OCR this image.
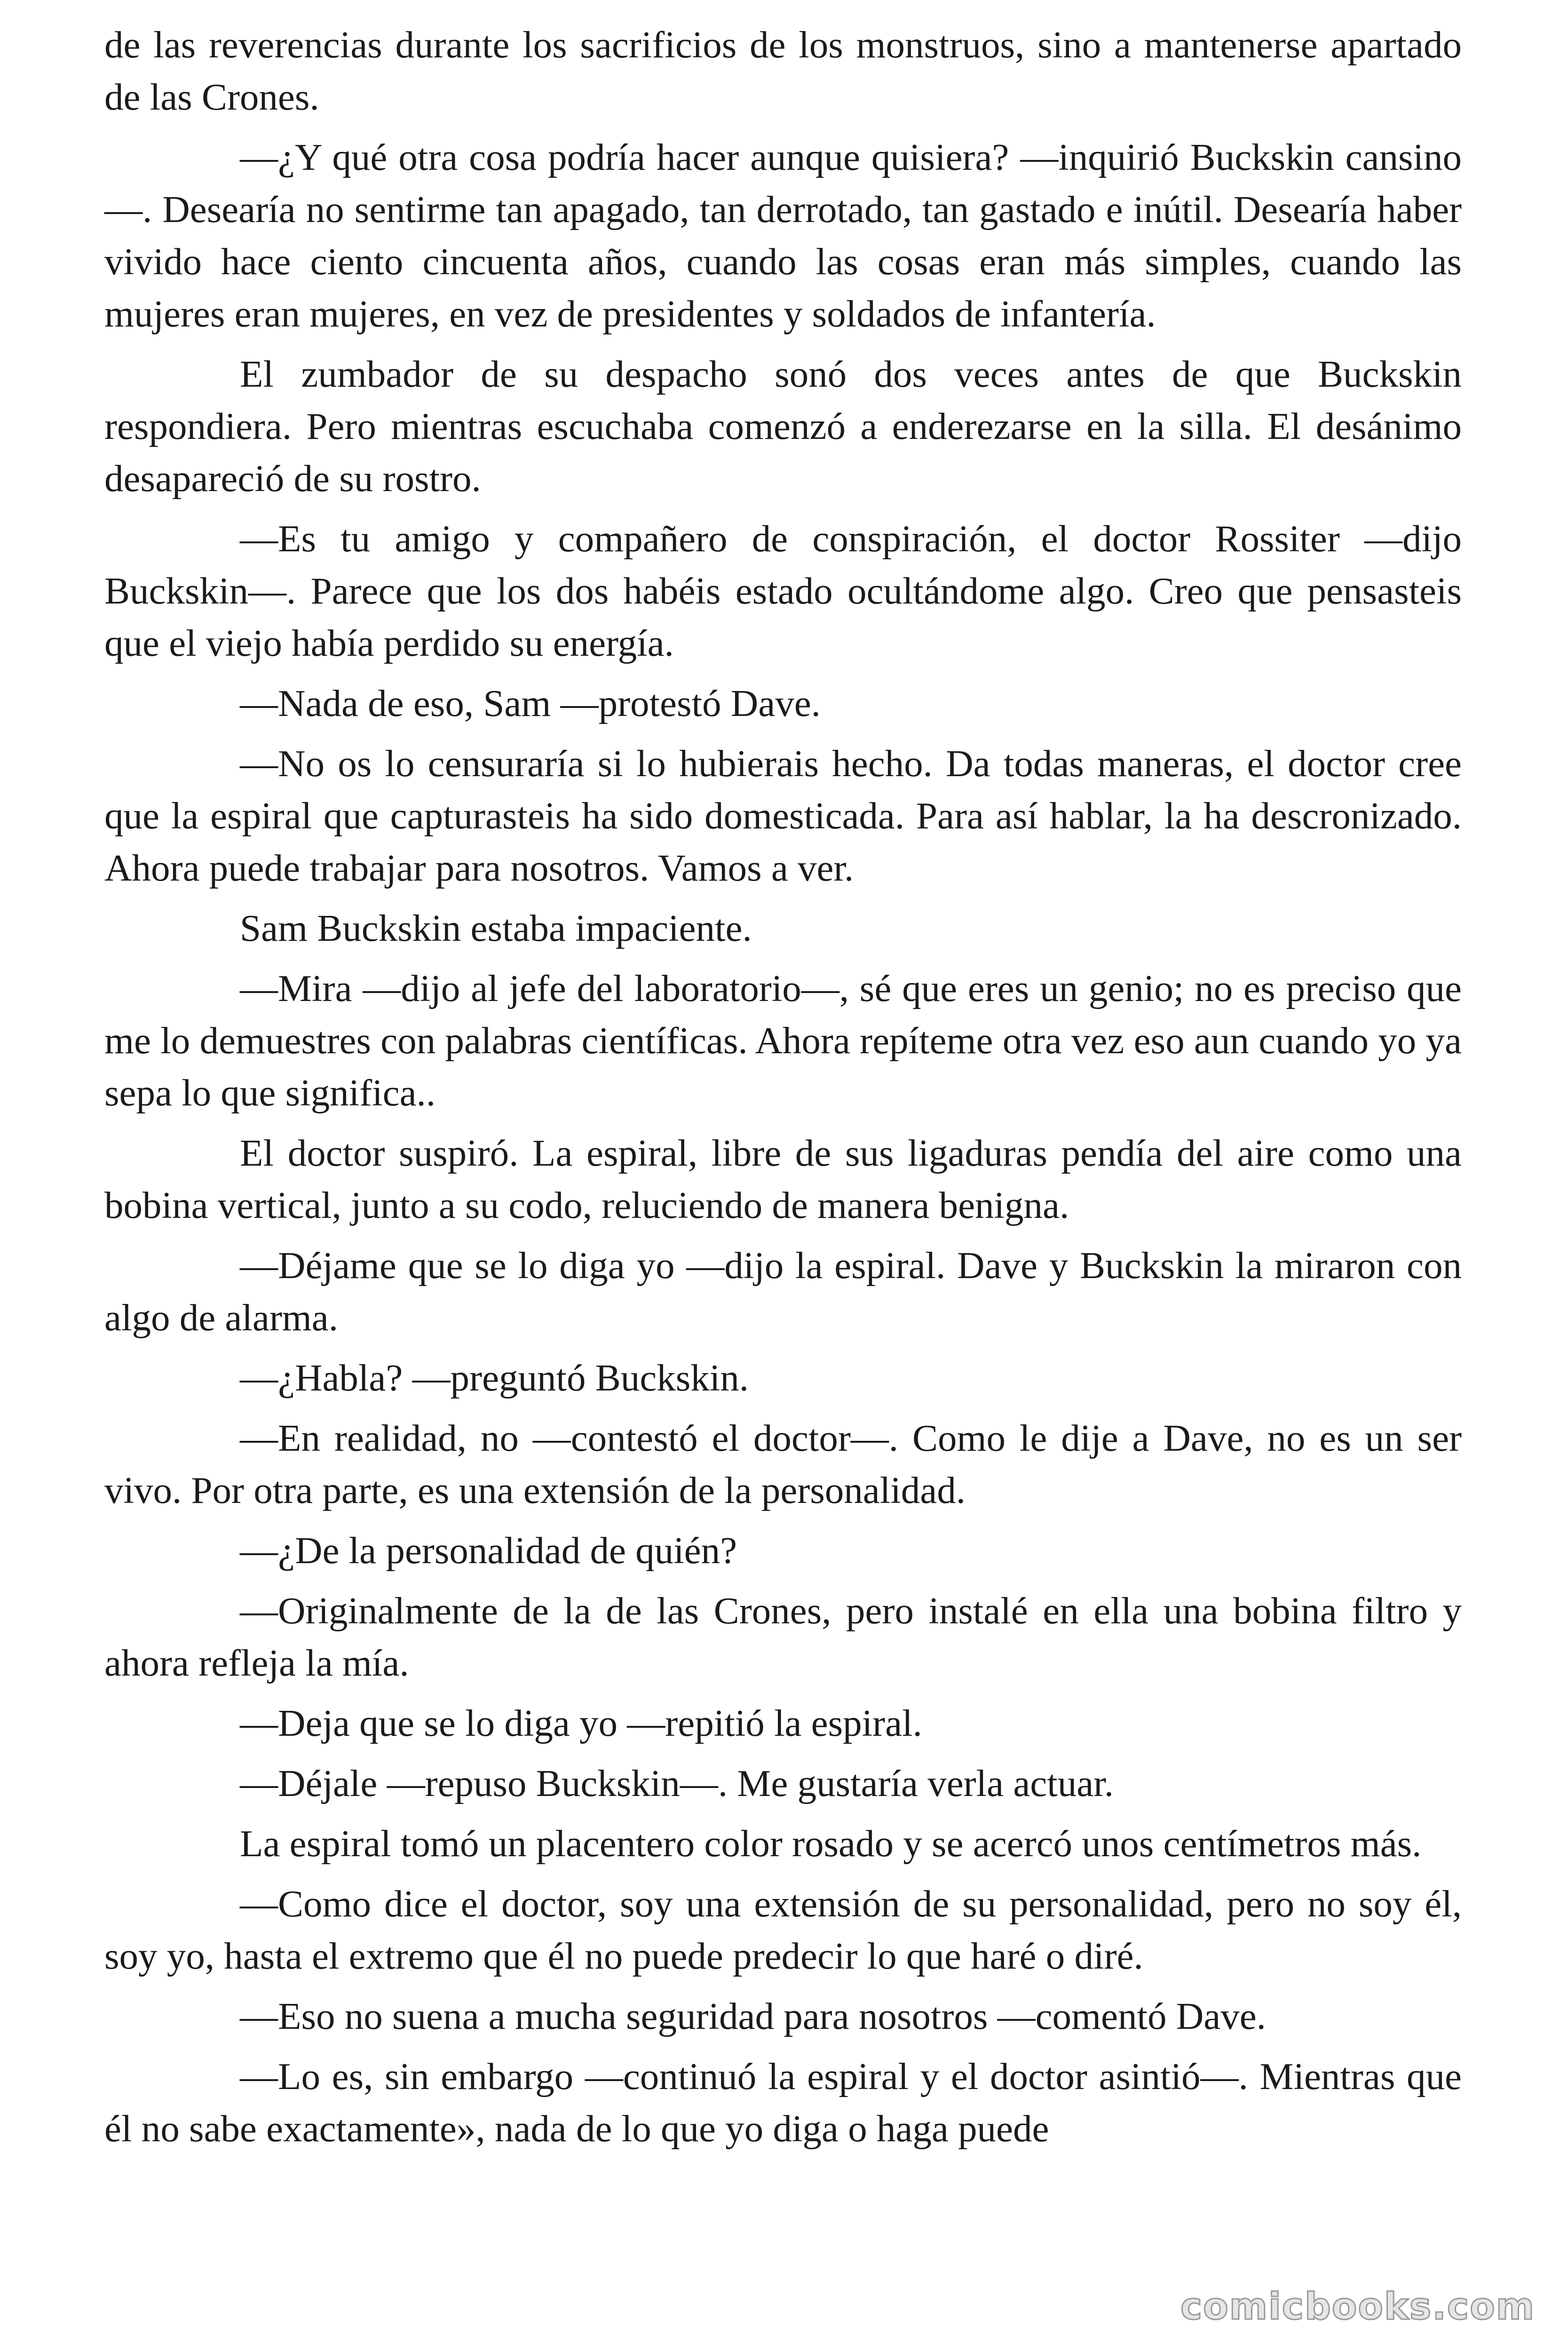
de las reverencias durante los sacrificios de los monstruos, sino a mantenerse apartado de las Crones.

—¿Y qué otra cosa podría hacer aunque quisiera? —inquirió Buckskin cansino—. Desearía no sentirme tan apagado, tan derrotado, tan gastado e inútil. Desearía haber vivido hace ciento cincuenta años, cuando las cosas eran más simples, cuando las mujeres eran mujeres, en vez de presidentes y soldados de infantería.

El zumbador de su despacho sonó dos veces antes de que Buckskin respondiera. Pero mientras escuchaba comenzó a enderezarse en la silla. El desánimo desapareció de su rostro.

—Es tu amigo y compañero de conspiración, el doctor Rossiter —dijo Buckskin—. Parece que los dos habéis estado ocultándome algo. Creo que pensasteis que el viejo había perdido su energía.

—Nada de eso, Sam —protestó Dave.

—No os lo censuraría si lo hubierais hecho. Da todas maneras, el doctor cree que la espiral que capturasteis ha sido domesticada. Para así hablar, la ha descronizado. Ahora puede trabajar para nosotros. Vamos a ver.

Sam Buckskin estaba impaciente.

—Mira —dijo al jefe del laboratorio—, sé que eres un genio; no es preciso que me lo demuestres con palabras científicas. Ahora repíteme otra vez eso aun cuando yo ya sepa lo que significa..

El doctor suspiró. La espiral, libre de sus ligaduras pendía del aire como una bobina vertical, junto a su codo, reluciendo de manera benigna.

—Déjame que se lo diga yo —dijo la espiral. Dave y Buckskin la miraron con algo de alarma.

—¿Habla? —preguntó Buckskin.

—En realidad, no —contestó el doctor—. Como le dije a Dave, no es un ser vivo. Por otra parte, es una extensión de la personalidad.

—¿De la personalidad de quién?

—Originalmente de la de las Crones, pero instalé en ella una bobina filtro y ahora refleja la mía.

—Deja que se lo diga yo —repitió la espiral.

—Déjale —repuso Buckskin—. Me gustaría verla actuar.

La espiral tomó un placentero color rosado y se acercó unos centímetros más.

—Como dice el doctor, soy una extensión de su personalidad, pero no soy él, soy yo, hasta el extremo que él no puede predecir lo que haré o diré.

—Eso no suena a mucha seguridad para nosotros —comentó Dave.

—Lo es, sin embargo —continuó la espiral y el doctor asintió—. Mientras que él no sabe exactamente», nada de lo que yo diga o haga puede

comicbooks.com
